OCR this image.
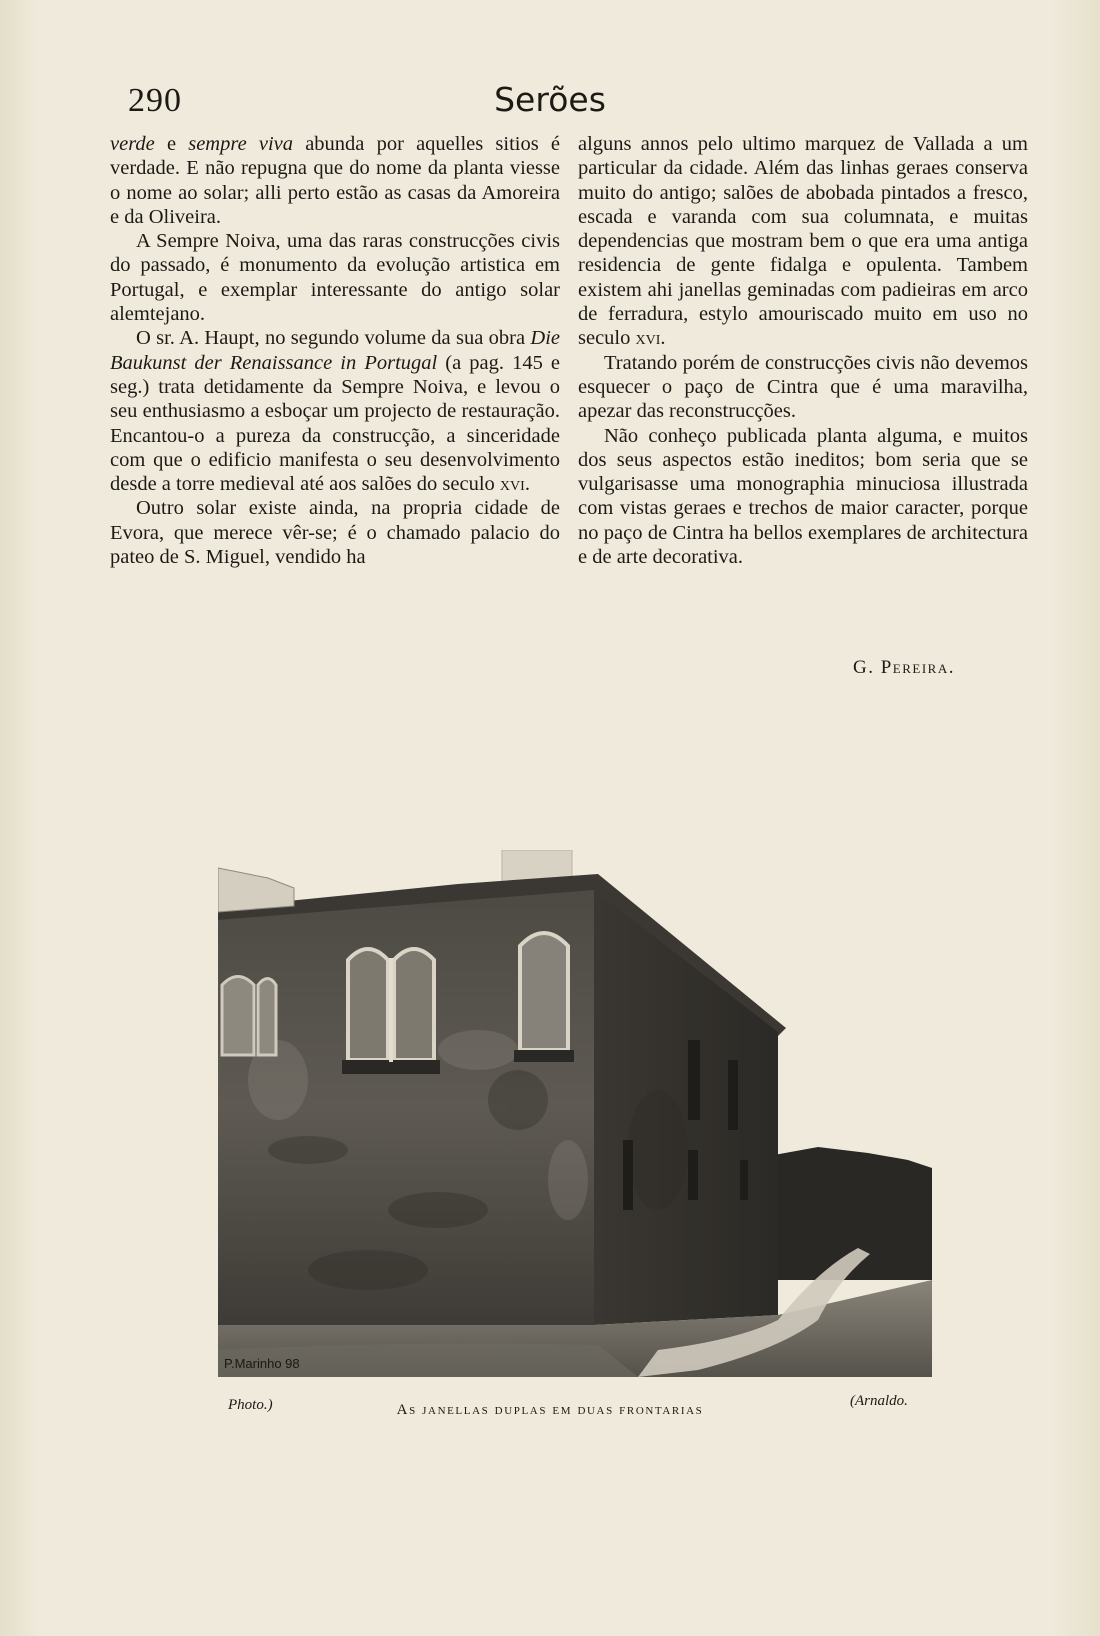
290	Serões

verde e sempre viva abunda por aquelles sitios é verdade. E não repugna que do nome da planta viesse o nome ao solar; alli perto estão as casas da Amoreira e da Oliveira.

A Sempre Noiva, uma das raras construcções civis do passado, é monumento da evolução artistica em Portugal, e exemplar interessante do antigo solar alemtejano.

O sr. A. Haupt, no segundo volume da sua obra Die Baukunst der Renaissance in Portugal (a pag. 145 e seg.) trata detidamente da Sempre Noiva, e levou o seu enthusiasmo a esboçar um projecto de restauração. Encantou-o a pureza da construcção, a sinceridade com que o edificio manifesta o seu desenvolvimento desde a torre medieval até aos salões do seculo xvi.

Outro solar existe ainda, na propria cidade de Evora, que merece vêr-se; é o chamado palacio do pateo de S. Miguel, vendido ha

alguns annos pelo ultimo marquez de Vallada a um particular da cidade. Além das linhas geraes conserva muito do antigo; salões de abobada pintados a fresco, escada e varanda com sua columnata, e muitas dependencias que mostram bem o que era uma antiga residencia de gente fidalga e opulenta. Tambem existem ahi janellas geminadas com padieiras em arco de ferradura, estylo amouriscado muito em uso no seculo xvi.

Tratando porém de construcções civis não devemos esquecer o paço de Cintra que é uma maravilha, apezar das reconstrucções.

Não conheço publicada planta alguma, e muitos dos seus aspectos estão ineditos; bom seria que se vulgarisasse uma monographia minuciosa illustrada com vistas geraes e trechos de maior caracter, porque no paço de Cintra ha bellos exemplares de architectura e de arte decorativa.

G. Pereira.
P.Marinho 98
Photo.)	As janellas duplas em duas frontarias
(Arnaldo.
